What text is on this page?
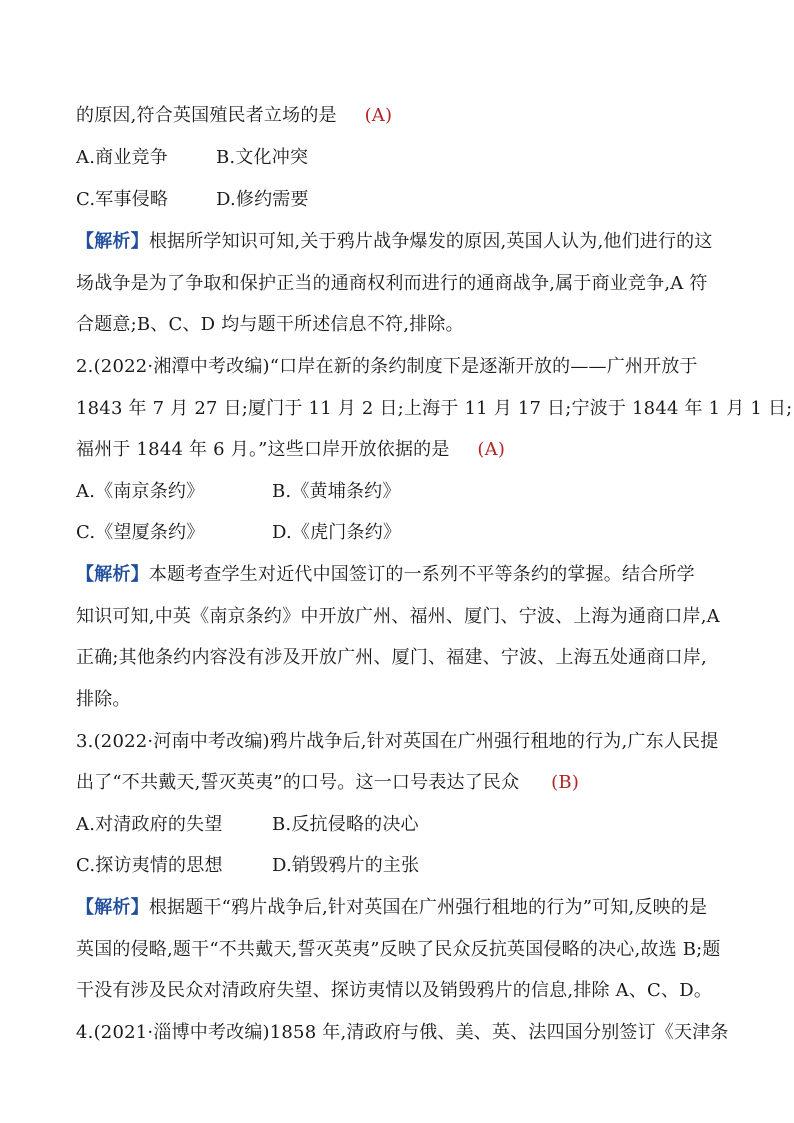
的原因,符合英国殖民者立场的是 (A)
A.商业竞争	B.文化冲突
C.军事侵略	D.修约需要
【解析】根据所学知识可知,关于鸦片战争爆发的原因,英国人认为,他们进行的这
场战争是为了争取和保护正当的通商权利而进行的通商战争,属于商业竞争,A 符
合题意;B、C、D 均与题干所述信息不符,排除。
2.(2022·湘潭中考改编)“口岸在新的条约制度下是逐渐开放的——广州开放于
1843 年 7 月 27 日;厦门于 11 月 2 日;上海于 11 月 17 日;宁波于 1844 年 1 月 1 日;
福州于 1844 年 6 月。”这些口岸开放依据的是 (A)
A.《南京条约》	B.《黄埔条约》
C.《望厦条约》	D.《虎门条约》
【解析】本题考查学生对近代中国签订的一系列不平等条约的掌握。结合所学
知识可知,中英《南京条约》中开放广州、福州、厦门、宁波、上海为通商口岸,A
正确;其他条约内容没有涉及开放广州、厦门、福建、宁波、上海五处通商口岸,
排除。
3.(2022·河南中考改编)鸦片战争后,针对英国在广州强行租地的行为,广东人民提
出了“不共戴天,誓灭英夷”的口号。这一口号表达了民众 (B)
A.对清政府的失望	B.反抗侵略的决心
C.探访夷情的思想	D.销毁鸦片的主张
【解析】根据题干“鸦片战争后,针对英国在广州强行租地的行为”可知,反映的是
英国的侵略,题干“不共戴天,誓灭英夷”反映了民众反抗英国侵略的决心,故选 B;题
干没有涉及民众对清政府失望、探访夷情以及销毁鸦片的信息,排除 A、C、D。
4.(2021·淄博中考改编)1858 年,清政府与俄、美、英、法四国分别签订《天津条
